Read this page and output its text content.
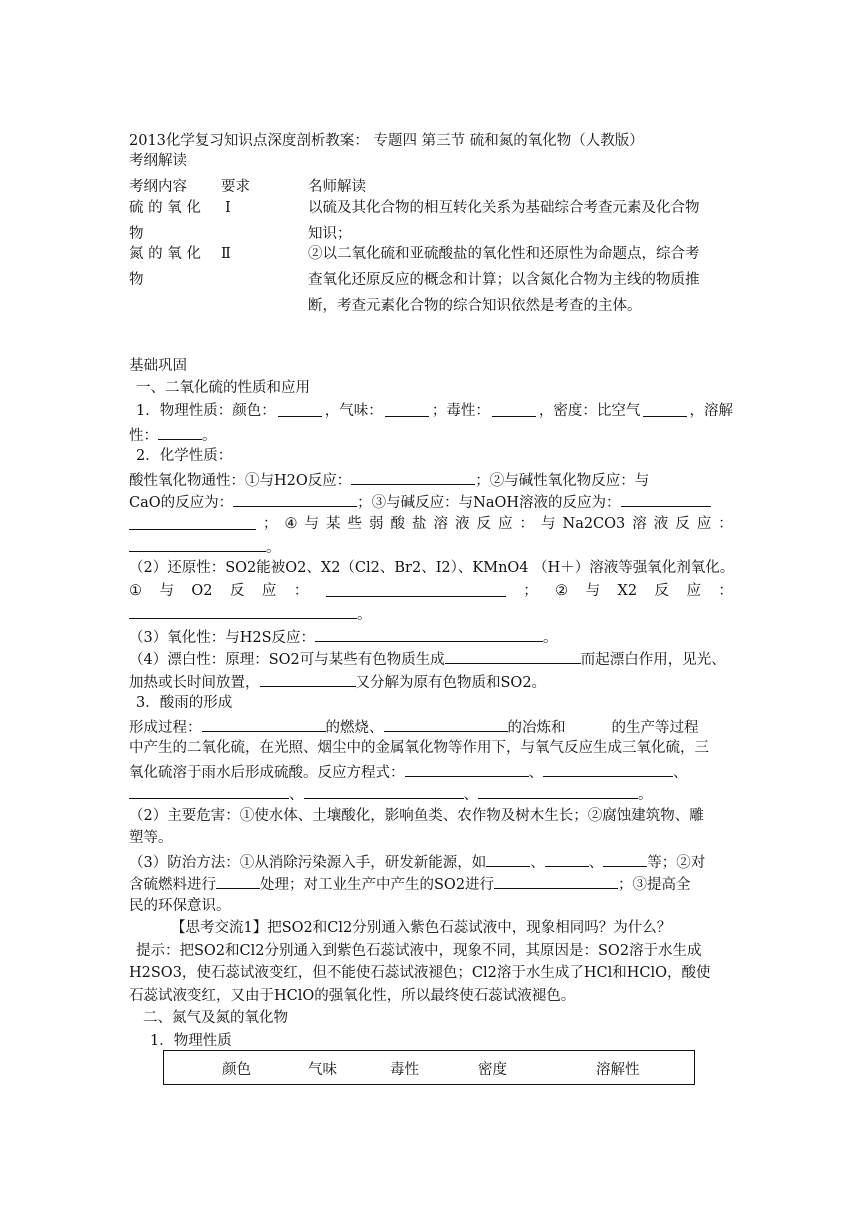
2013化学复习知识点深度剖析教案： 专题四 第三节 硫和氮的氧化物（人教版）
考纲解读
考纲内容 要求	名师解读
硫 的 氧 化
物
Ⅰ	以硫及其化合物的相互转化关系为基础综合考查元素及化合物
知识；
氮 的 氧 化
物
Ⅱ	②以二氧化硫和亚硫酸盐的氧化性和还原性为命题点，综合考
查氧化还原反应的概念和计算；以含氮化合物为主线的物质推
断，考查元素化合物的综合知识依然是考查的主体。
基础巩固
一、二氧化硫的性质和应用
1．物理性质：颜色：	，气味：	；毒性：	，密度：比空气	，溶解
性：	。
2．化学性质：
酸性氧化物通性：①与H2O反应：	；②与碱性氧化物反应：与
CaO的反应为：	；③与碱反应：与NaOH溶液的反应为：
； ④ 与 某 些 弱 酸 盐 溶 液 反 应 ： 与 Na2CO3 溶 液 反 应 ：
。
（2）还原性：SO2能被O2、X2（Cl2、Br2、I2）、KMnO4 （H＋）溶液等强氧化剂氧化。
① 与 O2 反 应 ：	； ② 与 X2 反 应 ：
。
（3）氧化性：与H2S反应：	。
（4）漂白性：原理：SO2可与某些有色物质生成	而起漂白作用，见光、
加热或长时间放置，	又分解为原有色物质和SO2。
3．酸雨的形成
形成过程：	的燃烧、	的冶炼和	的生产等过程
中产生的二氧化硫，在光照、烟尘中的金属氧化物等作用下，与氧气反应生成三氧化硫，三
氧化硫溶于雨水后形成硫酸。反应方程式：	、	、
、	、	。
（2）主要危害：①使水体、土壤酸化，影响鱼类、农作物及树木生长；②腐蚀建筑物、雕
塑等。
（3）防治方法：①从消除污染源入手，研发新能源，如	、	、	等；②对
含硫燃料进行	处理；对工业生产中产生的SO2进行	；③提高全
民的环保意识。
【思考交流1】把SO2和Cl2分别通入紫色石蕊试液中，现象相同吗？为什么？
提示：把SO2和Cl2分别通入到紫色石蕊试液中，现象不同，其原因是：SO2溶于水生成
H2SO3，使石蕊试液变红，但不能使石蕊试液褪色；Cl2溶于水生成了HCl和HClO，酸使
石蕊试液变红，又由于HClO的强氧化性，所以最终使石蕊试液褪色。
二、氮气及氮的氧化物
1．物理性质
颜色	气味	毒性	密度	溶解性
